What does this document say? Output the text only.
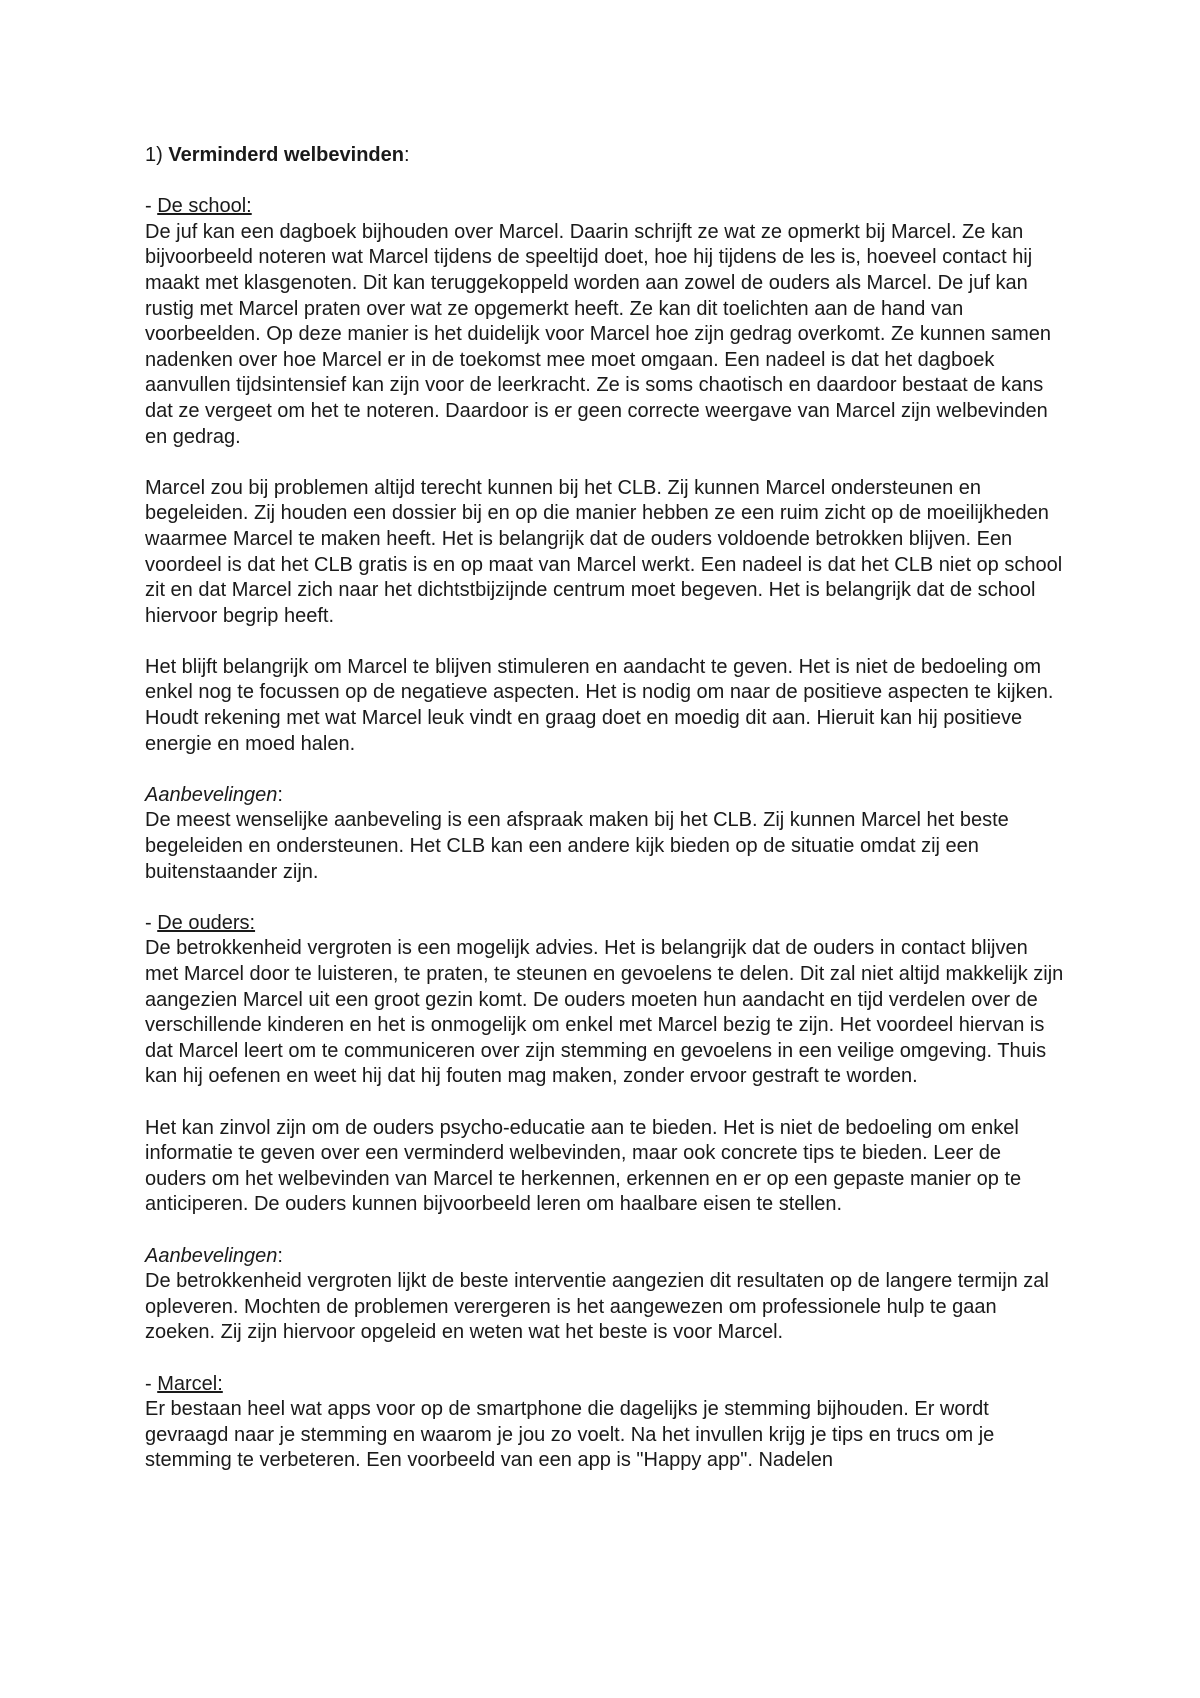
1) Verminderd welbevinden:

- De school:

De juf kan een dagboek bijhouden over Marcel. Daarin schrijft ze wat ze opmerkt bij Marcel. Ze kan bijvoorbeeld noteren wat Marcel tijdens de speeltijd doet, hoe hij tijdens de les is, hoeveel contact hij maakt met klasgenoten. Dit kan teruggekoppeld worden aan zowel de ouders als Marcel. De juf kan rustig met Marcel praten over wat ze opgemerkt heeft. Ze kan dit toelichten aan de hand van voorbeelden. Op deze manier is het duidelijk voor Marcel hoe zijn gedrag overkomt. Ze kunnen samen nadenken over hoe Marcel er in de toekomst mee moet omgaan. Een nadeel is dat het dagboek aanvullen tijdsintensief kan zijn voor de leerkracht. Ze is soms chaotisch en daardoor bestaat de kans dat ze vergeet om het te noteren. Daardoor is er geen correcte weergave van Marcel zijn welbevinden en gedrag.

Marcel zou bij problemen altijd terecht kunnen bij het CLB. Zij kunnen Marcel ondersteunen en begeleiden. Zij houden een dossier bij en op die manier hebben ze een ruim zicht op de moeilijkheden waarmee Marcel te maken heeft. Het is belangrijk dat de ouders voldoende betrokken blijven. Een voordeel is dat het CLB gratis is en op maat van Marcel werkt. Een nadeel is dat het CLB niet op school zit en dat Marcel zich naar het dichtstbijzijnde centrum moet begeven. Het is belangrijk dat de school hiervoor begrip heeft.

Het blijft belangrijk om Marcel te blijven stimuleren en aandacht te geven. Het is niet de bedoeling om enkel nog te focussen op de negatieve aspecten. Het is nodig om naar de positieve aspecten te kijken. Houdt rekening met wat Marcel leuk vindt en graag doet en moedig dit aan. Hieruit kan hij positieve energie en moed halen.

Aanbevelingen:

De meest wenselijke aanbeveling is een afspraak maken bij het CLB. Zij kunnen Marcel het beste begeleiden en ondersteunen. Het CLB kan een andere kijk bieden op de situatie omdat zij een buitenstaander zijn.

- De ouders:

De betrokkenheid vergroten is een mogelijk advies. Het is belangrijk dat de ouders in contact blijven met Marcel door te luisteren, te praten, te steunen en gevoelens te delen. Dit zal niet altijd makkelijk zijn aangezien Marcel uit een groot gezin komt. De ouders moeten hun aandacht en tijd verdelen over de verschillende kinderen en het is onmogelijk om enkel met Marcel bezig te zijn. Het voordeel hiervan is dat Marcel leert om te communiceren over zijn stemming en gevoelens in een veilige omgeving. Thuis kan hij oefenen en weet hij dat hij fouten mag maken, zonder ervoor gestraft te worden.

Het kan zinvol zijn om de ouders psycho-educatie aan te bieden. Het is niet de bedoeling om enkel informatie te geven over een verminderd welbevinden, maar ook concrete tips te bieden. Leer de ouders om het welbevinden van Marcel te herkennen, erkennen en er op een gepaste manier op te anticiperen. De ouders kunnen bijvoorbeeld leren om haalbare eisen te stellen.

Aanbevelingen:

De betrokkenheid vergroten lijkt de beste interventie aangezien dit resultaten op de langere termijn zal opleveren. Mochten de problemen verergeren is het aangewezen om professionele hulp te gaan zoeken. Zij zijn hiervoor opgeleid en weten wat het beste is voor Marcel.

- Marcel:

Er bestaan heel wat apps voor op de smartphone die dagelijks je stemming bijhouden. Er wordt gevraagd naar je stemming en waarom je jou zo voelt. Na het invullen krijg je tips en trucs om je stemming te verbeteren. Een voorbeeld van een app is "Happy app". Nadelen
